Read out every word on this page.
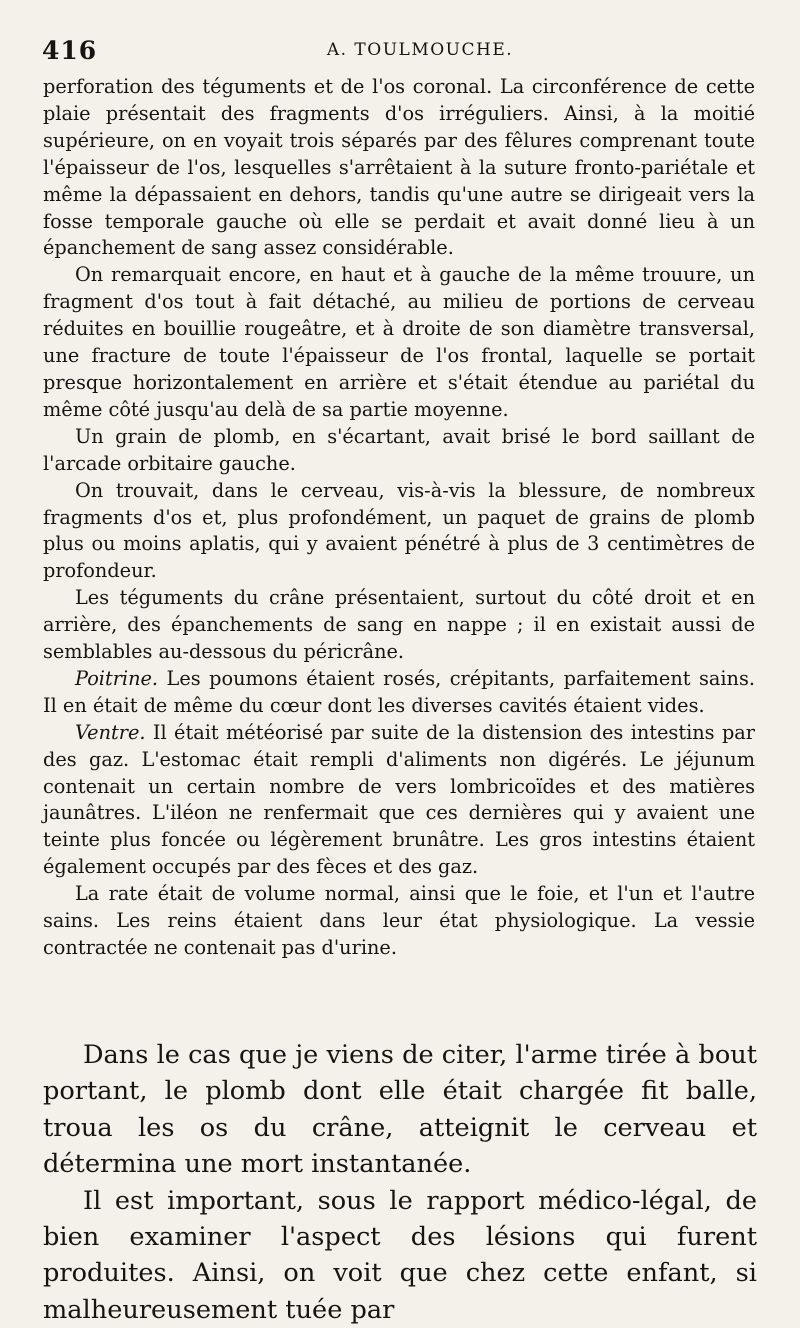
416	A. TOULMOUCHE.

perforation des téguments et de l'os coronal. La circonférence de cette plaie présentait des fragments d'os irréguliers. Ainsi, à la moitié supérieure, on en voyait trois séparés par des fêlures comprenant toute l'épaisseur de l'os, lesquelles s'arrêtaient à la suture fronto-pariétale et même la dépassaient en dehors, tandis qu'une autre se dirigeait vers la fosse temporale gauche où elle se perdait et avait donné lieu à un épanchement de sang assez considérable.

On remarquait encore, en haut et à gauche de la même trouure, un fragment d'os tout à fait détaché, au milieu de portions de cerveau réduites en bouillie rougeâtre, et à droite de son diamètre transversal, une fracture de toute l'épaisseur de l'os frontal, laquelle se portait presque horizontalement en arrière et s'était étendue au pariétal du même côté jusqu'au delà de sa partie moyenne.

Un grain de plomb, en s'écartant, avait brisé le bord saillant de l'arcade orbitaire gauche.

On trouvait, dans le cerveau, vis-à-vis la blessure, de nombreux fragments d'os et, plus profondément, un paquet de grains de plomb plus ou moins aplatis, qui y avaient pénétré à plus de 3 centimètres de profondeur.

Les téguments du crâne présentaient, surtout du côté droit et en arrière, des épanchements de sang en nappe ; il en existait aussi de semblables au-dessous du péricrâne.

Poitrine. Les poumons étaient rosés, crépitants, parfaitement sains. Il en était de même du cœur dont les diverses cavités étaient vides.

Ventre. Il était météorisé par suite de la distension des intestins par des gaz. L'estomac était rempli d'aliments non digérés. Le jéjunum contenait un certain nombre de vers lombricoïdes et des matières jaunâtres. L'iléon ne renfermait que ces dernières qui y avaient une teinte plus foncée ou légèrement brunâtre. Les gros intestins étaient également occupés par des fèces et des gaz.

La rate était de volume normal, ainsi que le foie, et l'un et l'autre sains. Les reins étaient dans leur état physiologique. La vessie contractée ne contenait pas d'urine.

Dans le cas que je viens de citer, l'arme tirée à bout portant, le plomb dont elle était chargée fit balle, troua les os du crâne, atteignit le cerveau et détermina une mort instantanée.

Il est important, sous le rapport médico-légal, de bien examiner l'aspect des lésions qui furent produites. Ainsi, on voit que chez cette enfant, si malheureusement tuée par
